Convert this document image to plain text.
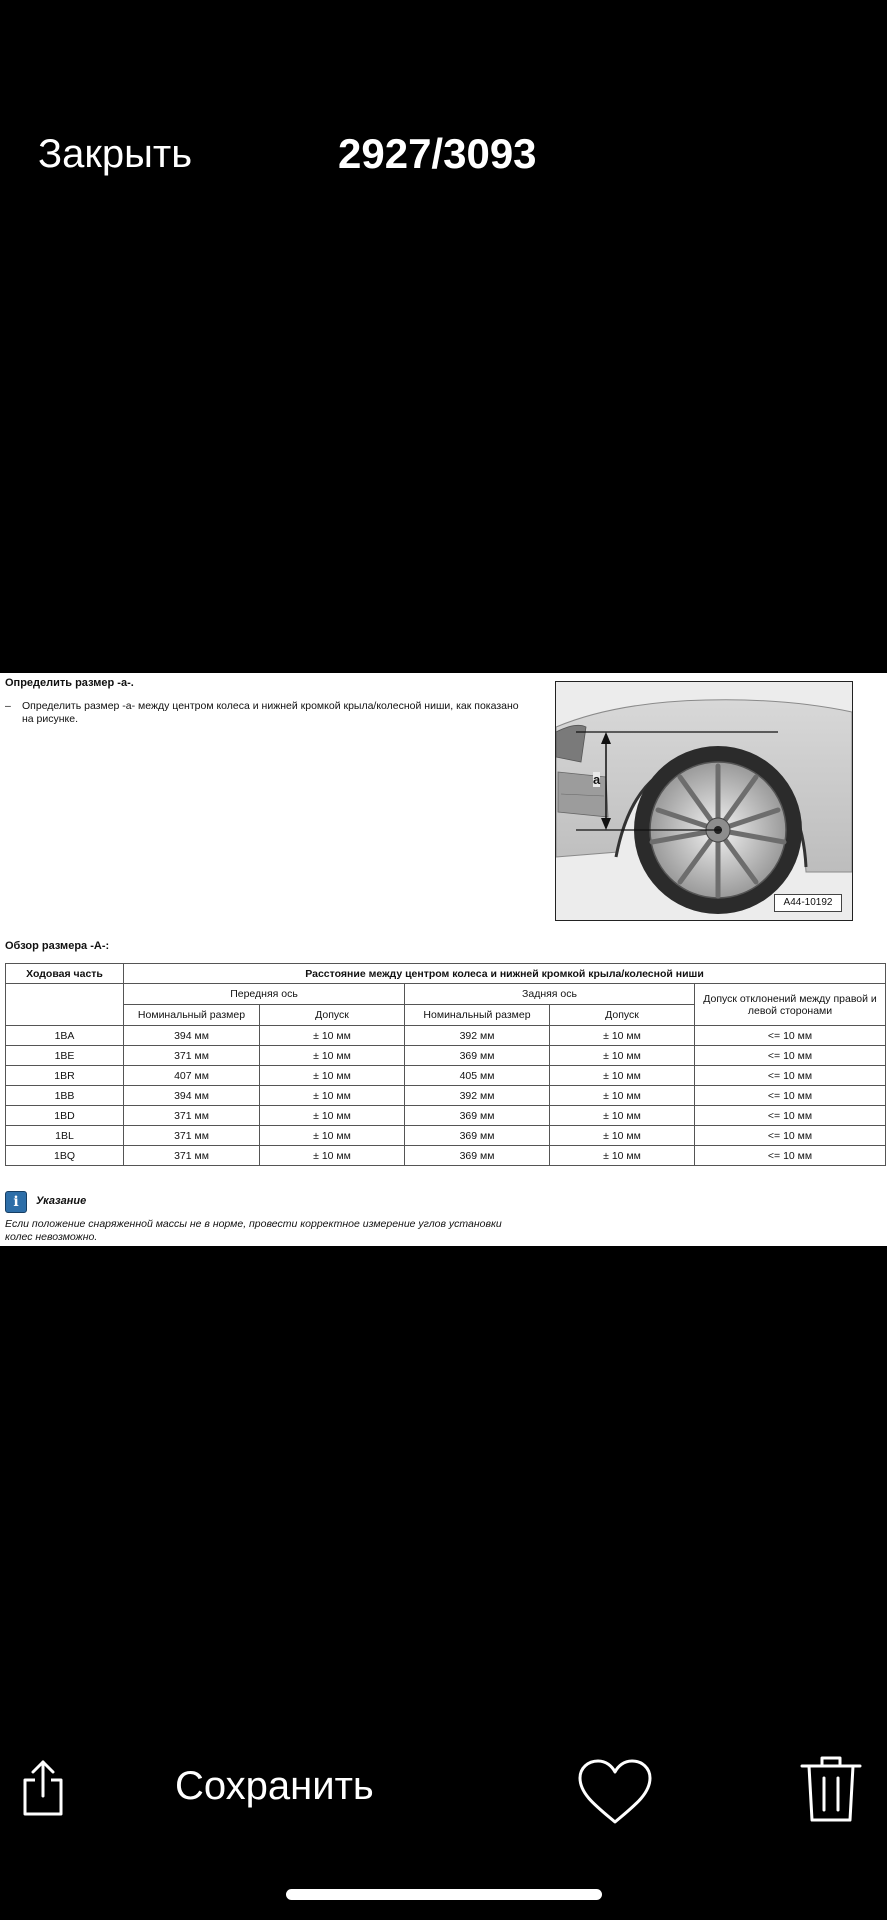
Закрыть	2927/3093
Определить размер -a-.
–	Определить размер -a- между центром колеса и нижней кромкой крыла/колесной ниши, как показано на рисунке.
a
A44-10192
Обзор размера -A-:
Ходовая часть	Расстояние между центром колеса и нижней кромкой крыла/колесной ниши				
	Передняя ось		Задняя ось		Допуск отклонений между правой и левой сторонами
	Номинальный размер	Допуск	Номинальный размер	Допуск	
1BA	394 мм	± 10 мм	392 мм	± 10 мм	<= 10 мм
1BE	371 мм	± 10 мм	369 мм	± 10 мм	<= 10 мм
1BR	407 мм	± 10 мм	405 мм	± 10 мм	<= 10 мм
1BB	394 мм	± 10 мм	392 мм	± 10 мм	<= 10 мм
1BD	371 мм	± 10 мм	369 мм	± 10 мм	<= 10 мм
1BL	371 мм	± 10 мм	369 мм	± 10 мм	<= 10 мм
1BQ	371 мм	± 10 мм	369 мм	± 10 мм	<= 10 мм
i	Указание
Если положение снаряженной массы не в норме, провести корректное измерение углов установки колес невозможно.
Сохранить
